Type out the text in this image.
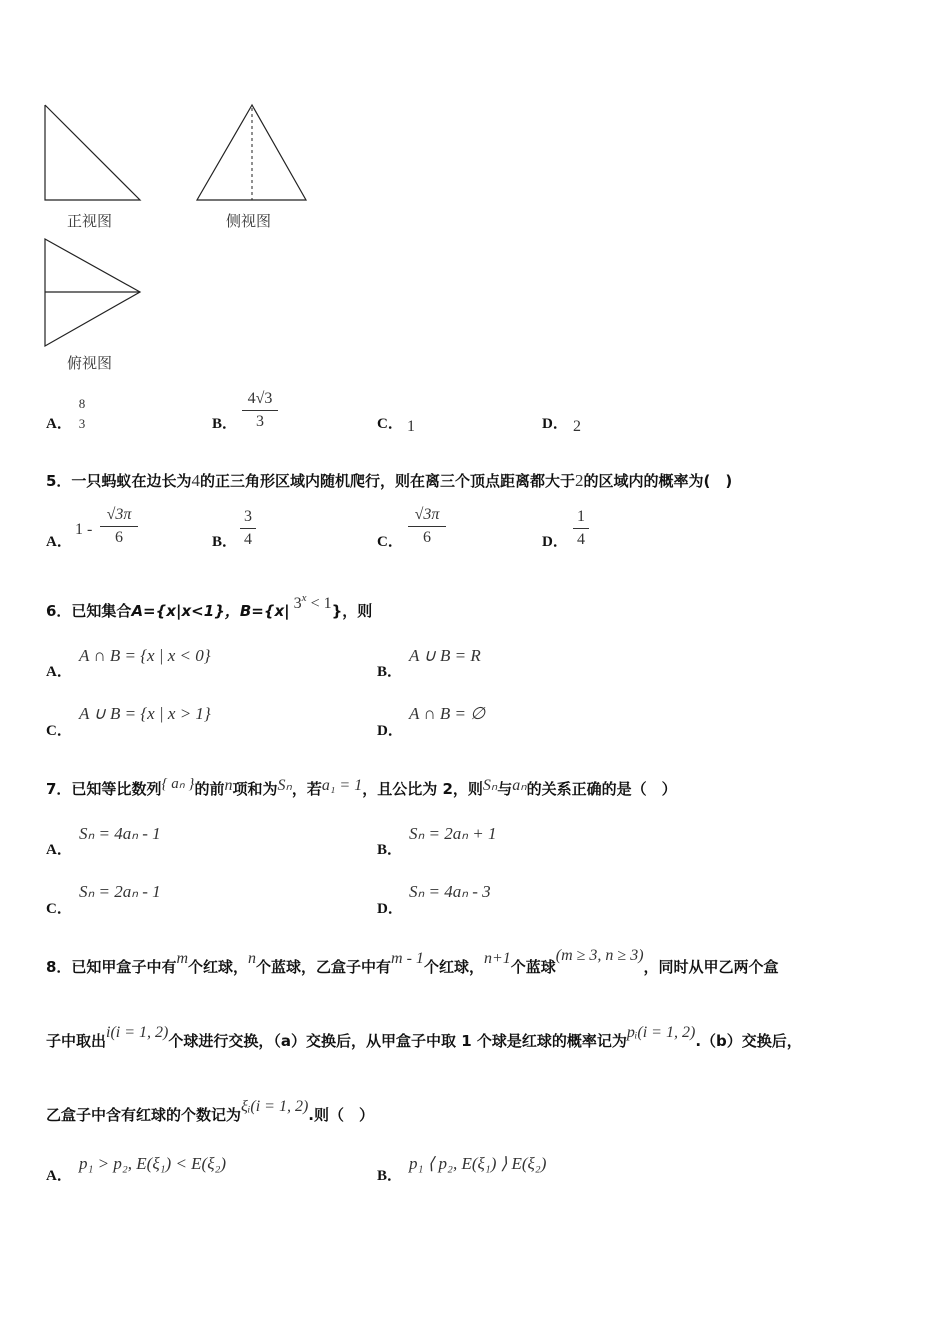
正视图	侧视图
俯视图
A．
8
3	B． $\frac{4√3}{3}$	C． 1	D． 2
5．一只蚂蚁在边长为4的正三角形区域内随机爬行，则在离三个顶点距离都大于2的区域内的概率为(　)
A．
$1 - \frac{√3\pi}{6}$	B． $\frac{3}{4}$	C． $\frac{√3\pi}{6}$	D． $\frac{1}{4}$
6．已知集合A={x|x<1}，B={x| $3^x < 1$}，则
A．
A ∩ B = {x | x < 0}
B．
A ∪ B = R
C．
A ∪ B = {x | x > 1}
D．
A ∩ B = ∅
7．已知等比数列{ aₙ }的前n项和为Sₙ，若a₁ = 1，且公比为 2，则Sₙ与aₙ的关系正确的是（　）
A．
Sₙ = 4aₙ - 1
B．
Sₙ = 2aₙ + 1
C．
Sₙ = 2aₙ - 1
D．
Sₙ = 4aₙ - 3
8．已知甲盒子中有m个红球，n个蓝球，乙盒子中有m - 1个红球，n+1个蓝球(m ≥ 3, n ≥ 3)，同时从甲乙两个盒
子中取出i(i = 1, 2)个球进行交换，（a）交换后，从甲盒子中取 1 个球是红球的概率记为pᵢ(i = 1, 2).（b）交换后，
乙盒子中含有红球的个数记为ξᵢ(i = 1, 2).则（　）
A．
p₁ > p₂, E(ξ₁) < E(ξ₂)
B．
p₁ ⟨ p₂, E(ξ₁) ⟩ E(ξ₂)
